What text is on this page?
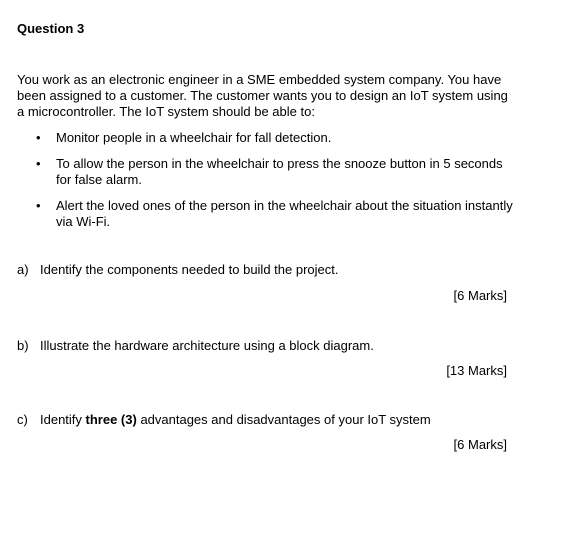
Question 3
You work as an electronic engineer in a SME embedded system company. You have been assigned to a customer. The customer wants you to design an IoT system using a microcontroller. The IoT system should be able to:
• Monitor people in a wheelchair for fall detection.
• To allow the person in the wheelchair to press the snooze button in 5 seconds for false alarm.
• Alert the loved ones of the person in the wheelchair about the situation instantly via Wi-Fi.
a) Identify the components needed to build the project.
[6 Marks]
b) Illustrate the hardware architecture using a block diagram.
[13 Marks]
c) Identify three (3) advantages and disadvantages of your IoT system
[6 Marks]
